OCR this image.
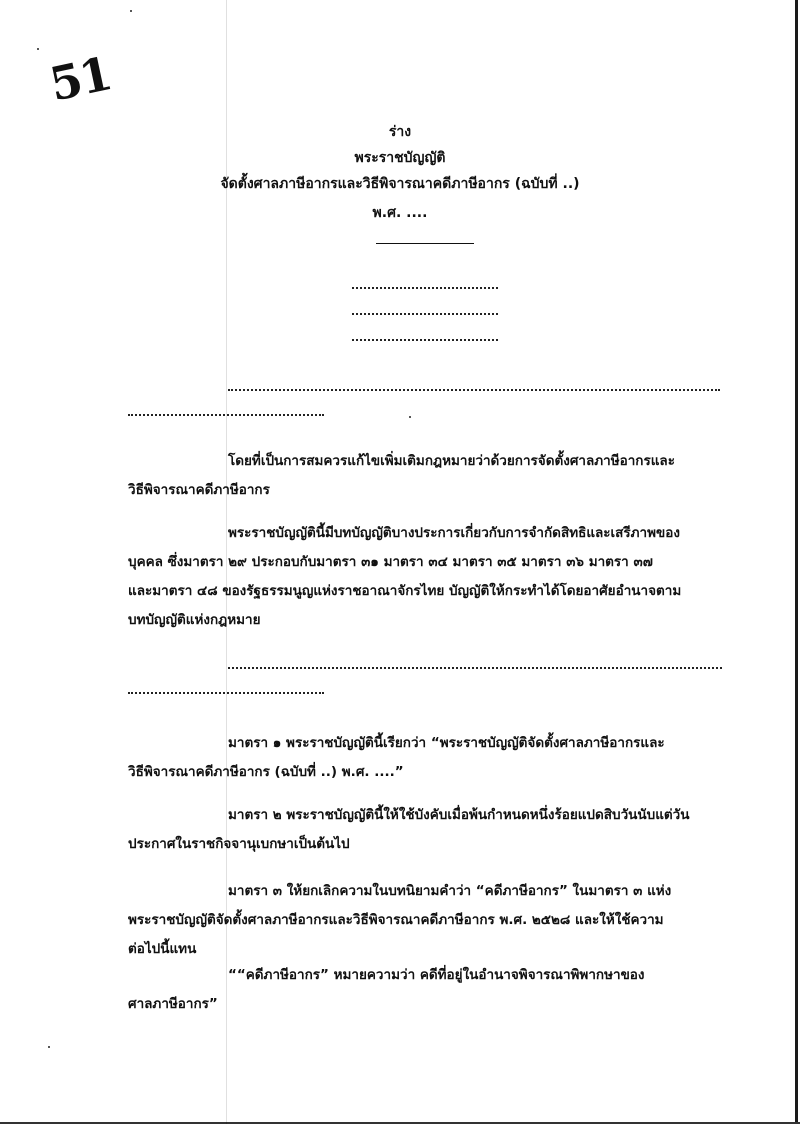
51
ร่าง
พระราชบัญญัติ
จัดตั้งศาลภาษีอากรและวิธีพิจารณาคดีภาษีอากร (ฉบับที่ ..)
พ.ศ. ....
โดยที่เป็นการสมควรแก้ไขเพิ่มเติมกฎหมายว่าด้วยการจัดตั้งศาลภาษีอากรและ
วิธีพิจารณาคดีภาษีอากร
พระราชบัญญัตินี้มีบทบัญญัติบางประการเกี่ยวกับการจำกัดสิทธิและเสรีภาพของ
บุคคล ซึ่งมาตรา ๒๙ ประกอบกับมาตรา ๓๑ มาตรา ๓๔ มาตรา ๓๕ มาตรา ๓๖ มาตรา ๓๗
และมาตรา ๔๘ ของรัฐธรรมนูญแห่งราชอาณาจักรไทย บัญญัติให้กระทำได้โดยอาศัยอำนาจตาม
บทบัญญัติแห่งกฎหมาย
มาตรา ๑ พระราชบัญญัตินี้เรียกว่า “พระราชบัญญัติจัดตั้งศาลภาษีอากรและ
วิธีพิจารณาคดีภาษีอากร (ฉบับที่ ..) พ.ศ. ....”
มาตรา ๒ พระราชบัญญัตินี้ให้ใช้บังคับเมื่อพ้นกำหนดหนึ่งร้อยแปดสิบวันนับแต่วัน
ประกาศในราชกิจจานุเบกษาเป็นต้นไป
มาตรา ๓ ให้ยกเลิกความในบทนิยามคำว่า “คดีภาษีอากร” ในมาตรา ๓ แห่ง
พระราชบัญญัติจัดตั้งศาลภาษีอากรและวิธีพิจารณาคดีภาษีอากร พ.ศ. ๒๕๒๘ และให้ใช้ความ
ต่อไปนี้แทน
““คดีภาษีอากร” หมายความว่า คดีที่อยู่ในอำนาจพิจารณาพิพากษาของ
ศาลภาษีอากร”
